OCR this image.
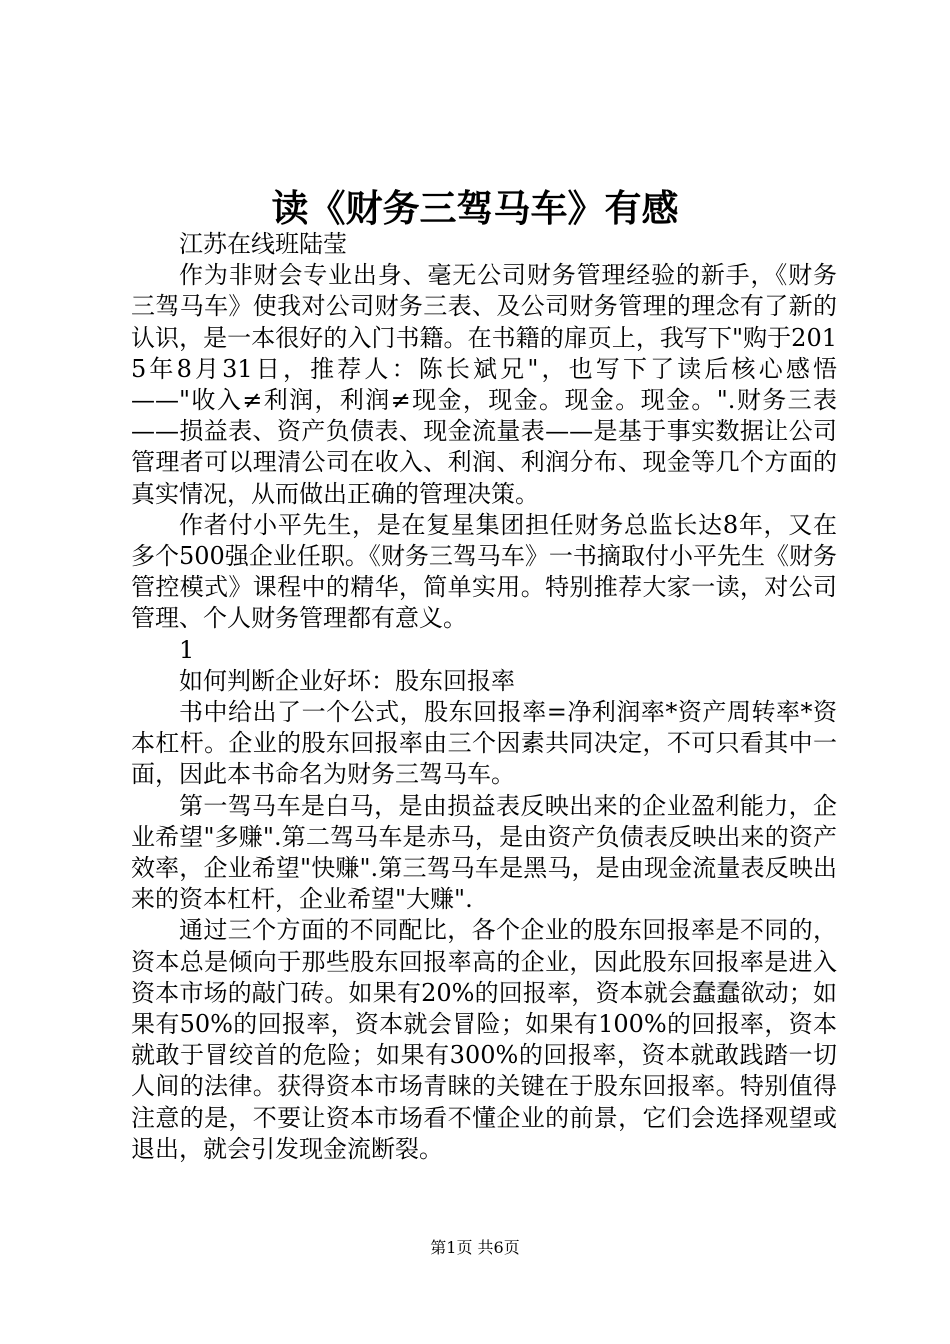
读《财务三驾马车》有感

江苏在线班陆莹

作为非财会专业出身、毫无公司财务管理经验的新手，《财务三驾马车》使我对公司财务三表、及公司财务管理的理念有了新的认识，是一本很好的入门书籍。在书籍的扉页上，我写下"购于2015年8月31日，推荐人：陈长斌兄"，也写下了读后核心感悟——"收入≠利润，利润≠现金，现金。现金。现金。".财务三表——损益表、资产负债表、现金流量表——是基于事实数据让公司管理者可以理清公司在收入、利润、利润分布、现金等几个方面的真实情况，从而做出正确的管理决策。

作者付小平先生，是在复星集团担任财务总监长达8年，又在多个500强企业任职。《财务三驾马车》一书摘取付小平先生《财务管控模式》课程中的精华，简单实用。特别推荐大家一读，对公司管理、个人财务管理都有意义。

1

如何判断企业好坏：股东回报率

书中给出了一个公式，股东回报率=净利润率*资产周转率*资本杠杆。企业的股东回报率由三个因素共同决定，不可只看其中一面，因此本书命名为财务三驾马车。

第一驾马车是白马，是由损益表反映出来的企业盈利能力，企业希望"多赚".第二驾马车是赤马，是由资产负债表反映出来的资产效率，企业希望"快赚".第三驾马车是黑马，是由现金流量表反映出来的资本杠杆，企业希望"大赚".

通过三个方面的不同配比，各个企业的股东回报率是不同的，资本总是倾向于那些股东回报率高的企业，因此股东回报率是进入资本市场的敲门砖。如果有20%的回报率，资本就会蠢蠢欲动；如果有50%的回报率，资本就会冒险；如果有100%的回报率，资本就敢于冒绞首的危险；如果有300%的回报率，资本就敢践踏一切人间的法律。获得资本市场青睐的关键在于股东回报率。特别值得注意的是，不要让资本市场看不懂企业的前景，它们会选择观望或退出，就会引发现金流断裂。

第1页 共6页
